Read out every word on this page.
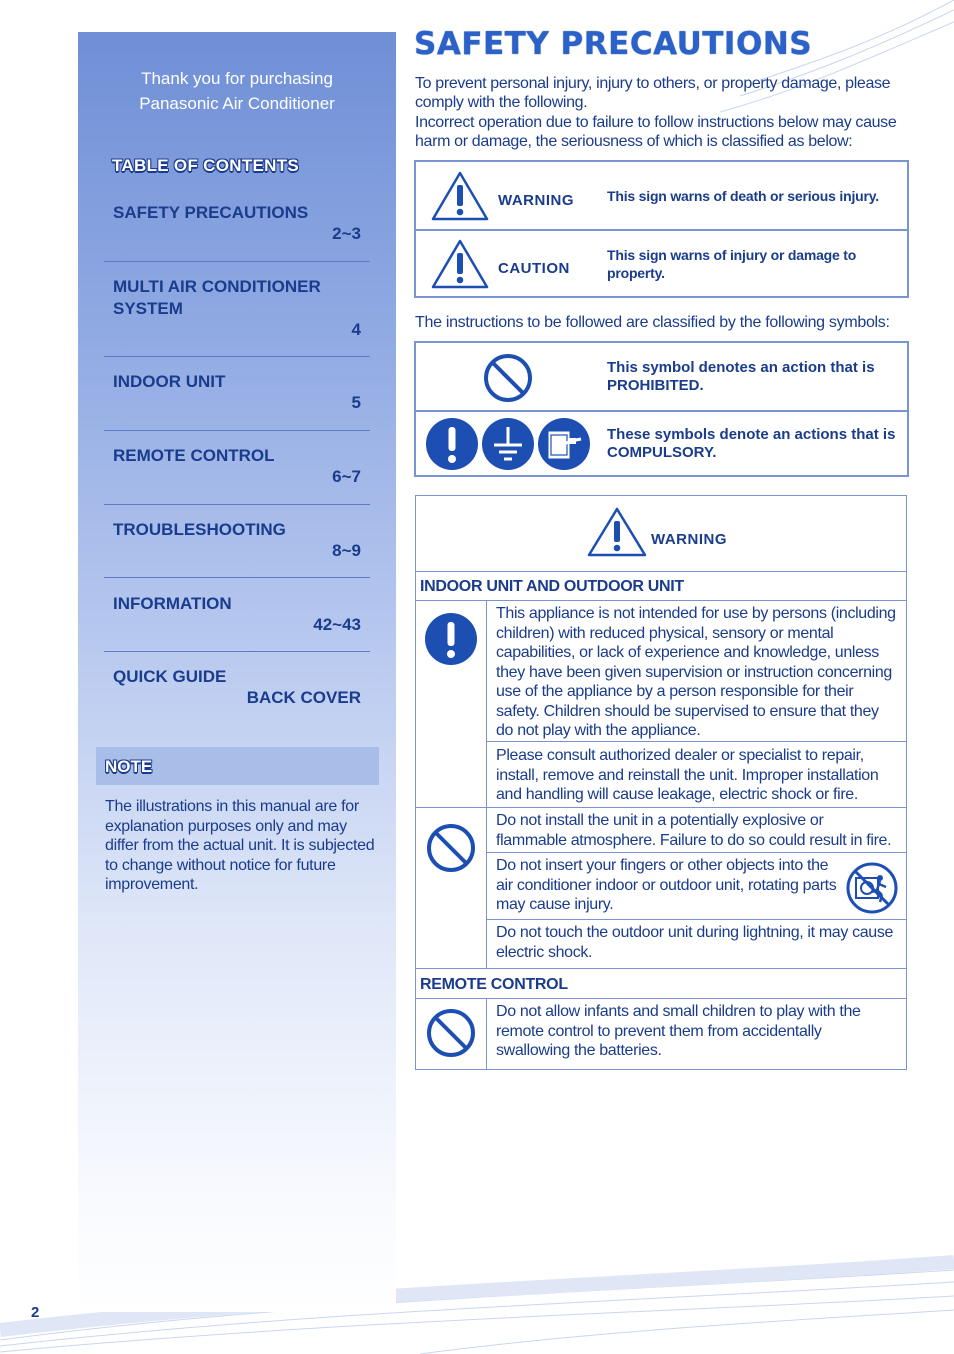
Thank you for purchasing
Panasonic Air Conditioner
TABLE OF CONTENTS
SAFETY PRECAUTIONS
2~3
MULTI AIR CONDITIONER SYSTEM
4
INDOOR UNIT
5
REMOTE CONTROL
6~7
TROUBLESHOOTING
8~9
INFORMATION
42~43
QUICK GUIDE
BACK COVER
NOTE
The illustrations in this manual are for explanation purposes only and may differ from the actual unit. It is subjected to change without notice for future improvement.
2
SAFETY PRECAUTIONS

To prevent personal injury, injury to others, or property damage, please comply with the following.

Incorrect operation due to failure to follow instructions below may cause harm or damage, the seriousness of which is classified as below:

WARNING This sign warns of death or serious injury.
CAUTION
This sign warns of injury or damage to property.
The instructions to be followed are classified by the following symbols:
This symbol denotes an action that is PROHIBITED.
These symbols denote an actions that is COMPULSORY.
WARNING
INDOOR UNIT AND OUTDOOR UNIT
This appliance is not intended for use by persons (including children) with reduced physical, sensory or mental capabilities, or lack of experience and knowledge, unless they have been given supervision or instruction concerning use of the appliance by a person responsible for their safety. Children should be supervised to ensure that they do not play with the appliance.
Please consult authorized dealer or specialist to repair, install, remove and reinstall the unit. Improper installation and handling will cause leakage, electric shock or fire.
Do not install the unit in a potentially explosive or flammable atmosphere. Failure to do so could result in fire.
Do not insert your fingers or other objects into the air conditioner indoor or outdoor unit, rotating parts may cause injury.
Do not touch the outdoor unit during lightning, it may cause electric shock.
REMOTE CONTROL
Do not allow infants and small children to play with the remote control to prevent them from accidentally swallowing the batteries.
